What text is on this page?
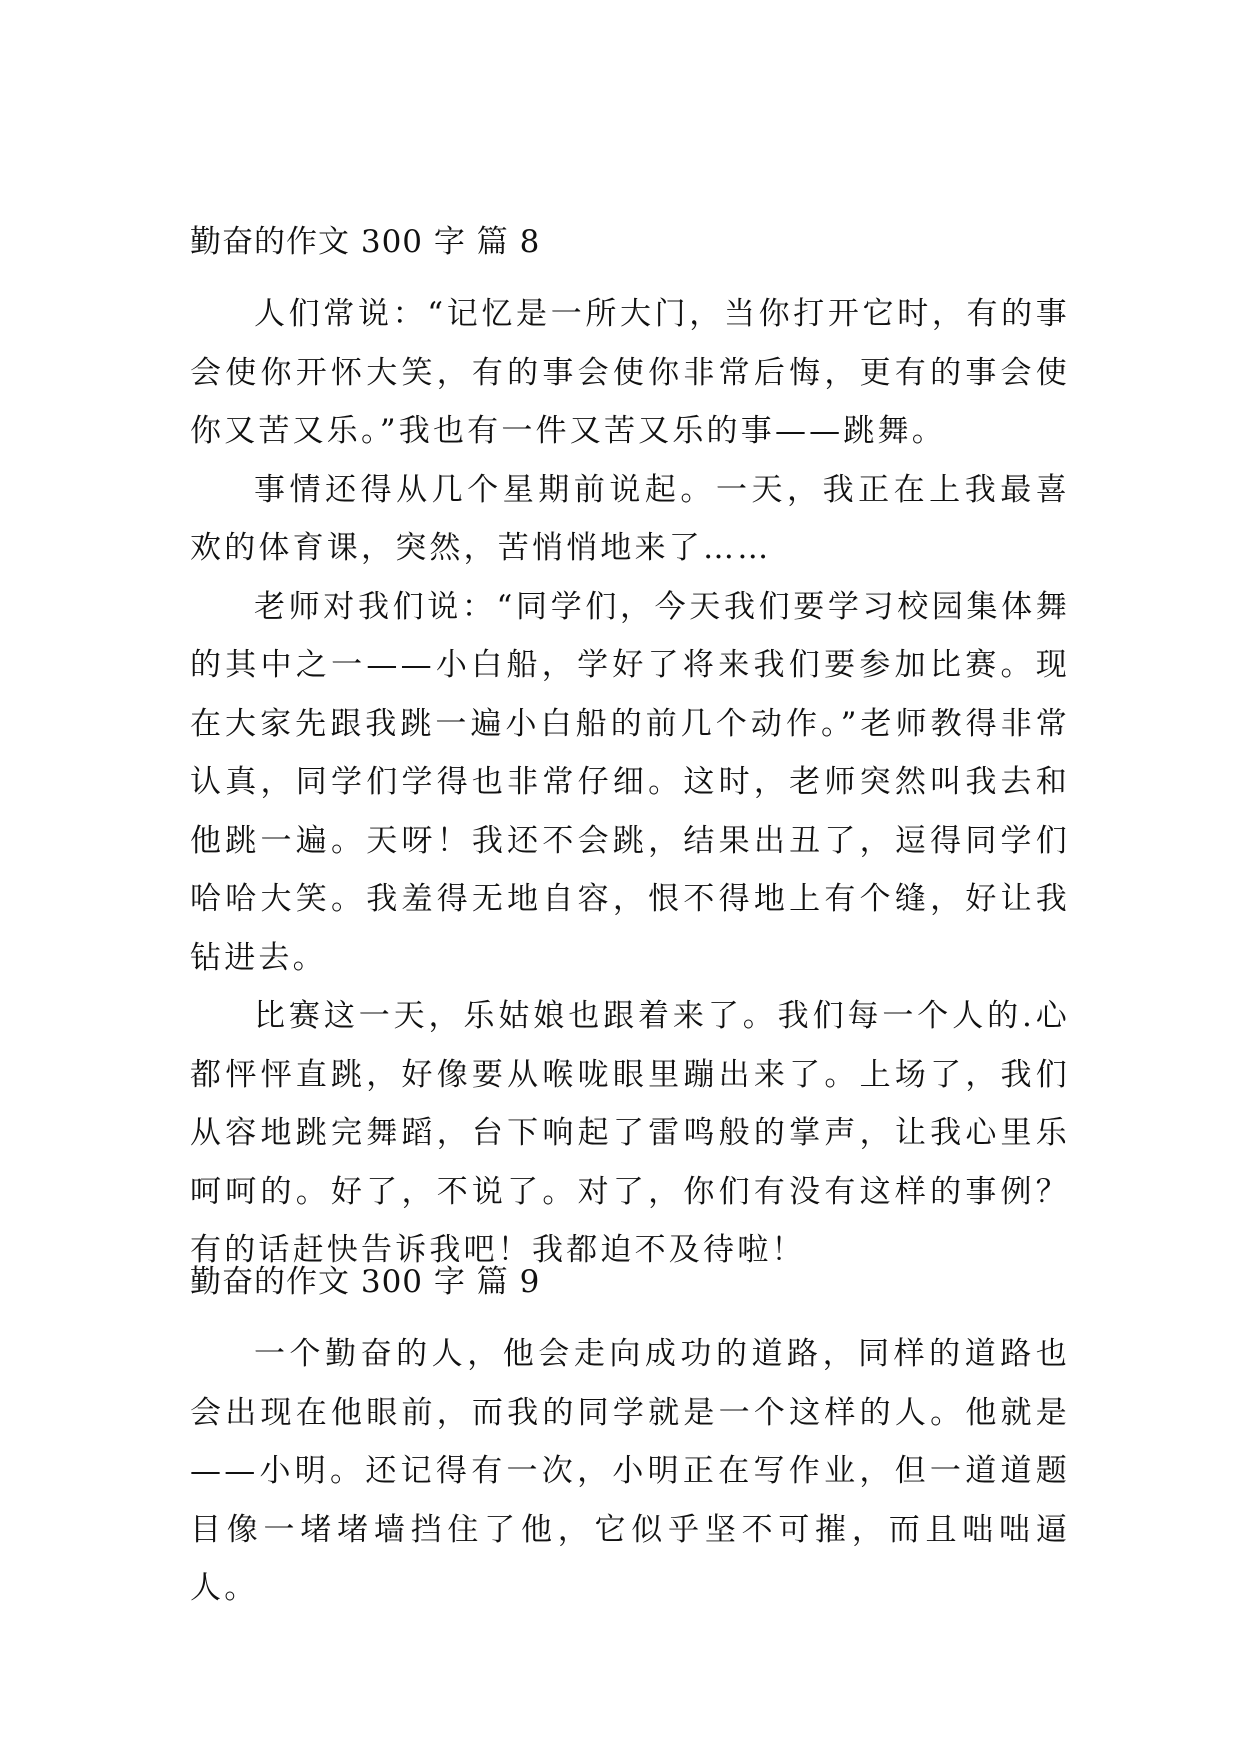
勤奋的作文 300 字 篇 8

人们常说：“记忆是一所大门，当你打开它时，有的事会使你开怀大笑，有的事会使你非常后悔，更有的事会使你又苦又乐。”我也有一件又苦又乐的事——跳舞。

事情还得从几个星期前说起。一天，我正在上我最喜欢的体育课，突然，苦悄悄地来了……

老师对我们说：“同学们，今天我们要学习校园集体舞的其中之一——小白船，学好了将来我们要参加比赛。现在大家先跟我跳一遍小白船的前几个动作。”老师教得非常认真，同学们学得也非常仔细。这时，老师突然叫我去和他跳一遍。天呀！我还不会跳，结果出丑了，逗得同学们哈哈大笑。我羞得无地自容，恨不得地上有个缝，好让我钻进去。

比赛这一天，乐姑娘也跟着来了。我们每一个人的.心都怦怦直跳，好像要从喉咙眼里蹦出来了。上场了，我们从容地跳完舞蹈，台下响起了雷鸣般的掌声，让我心里乐呵呵的。好了，不说了。对了，你们有没有这样的事例？有的话赶快告诉我吧！我都迫不及待啦！

勤奋的作文 300 字 篇 9

一个勤奋的人，他会走向成功的道路，同样的道路也会出现在他眼前，而我的同学就是一个这样的人。他就是——小明。还记得有一次，小明正在写作业，但一道道题目像一堵堵墙挡住了他，它似乎坚不可摧，而且咄咄逼人。
